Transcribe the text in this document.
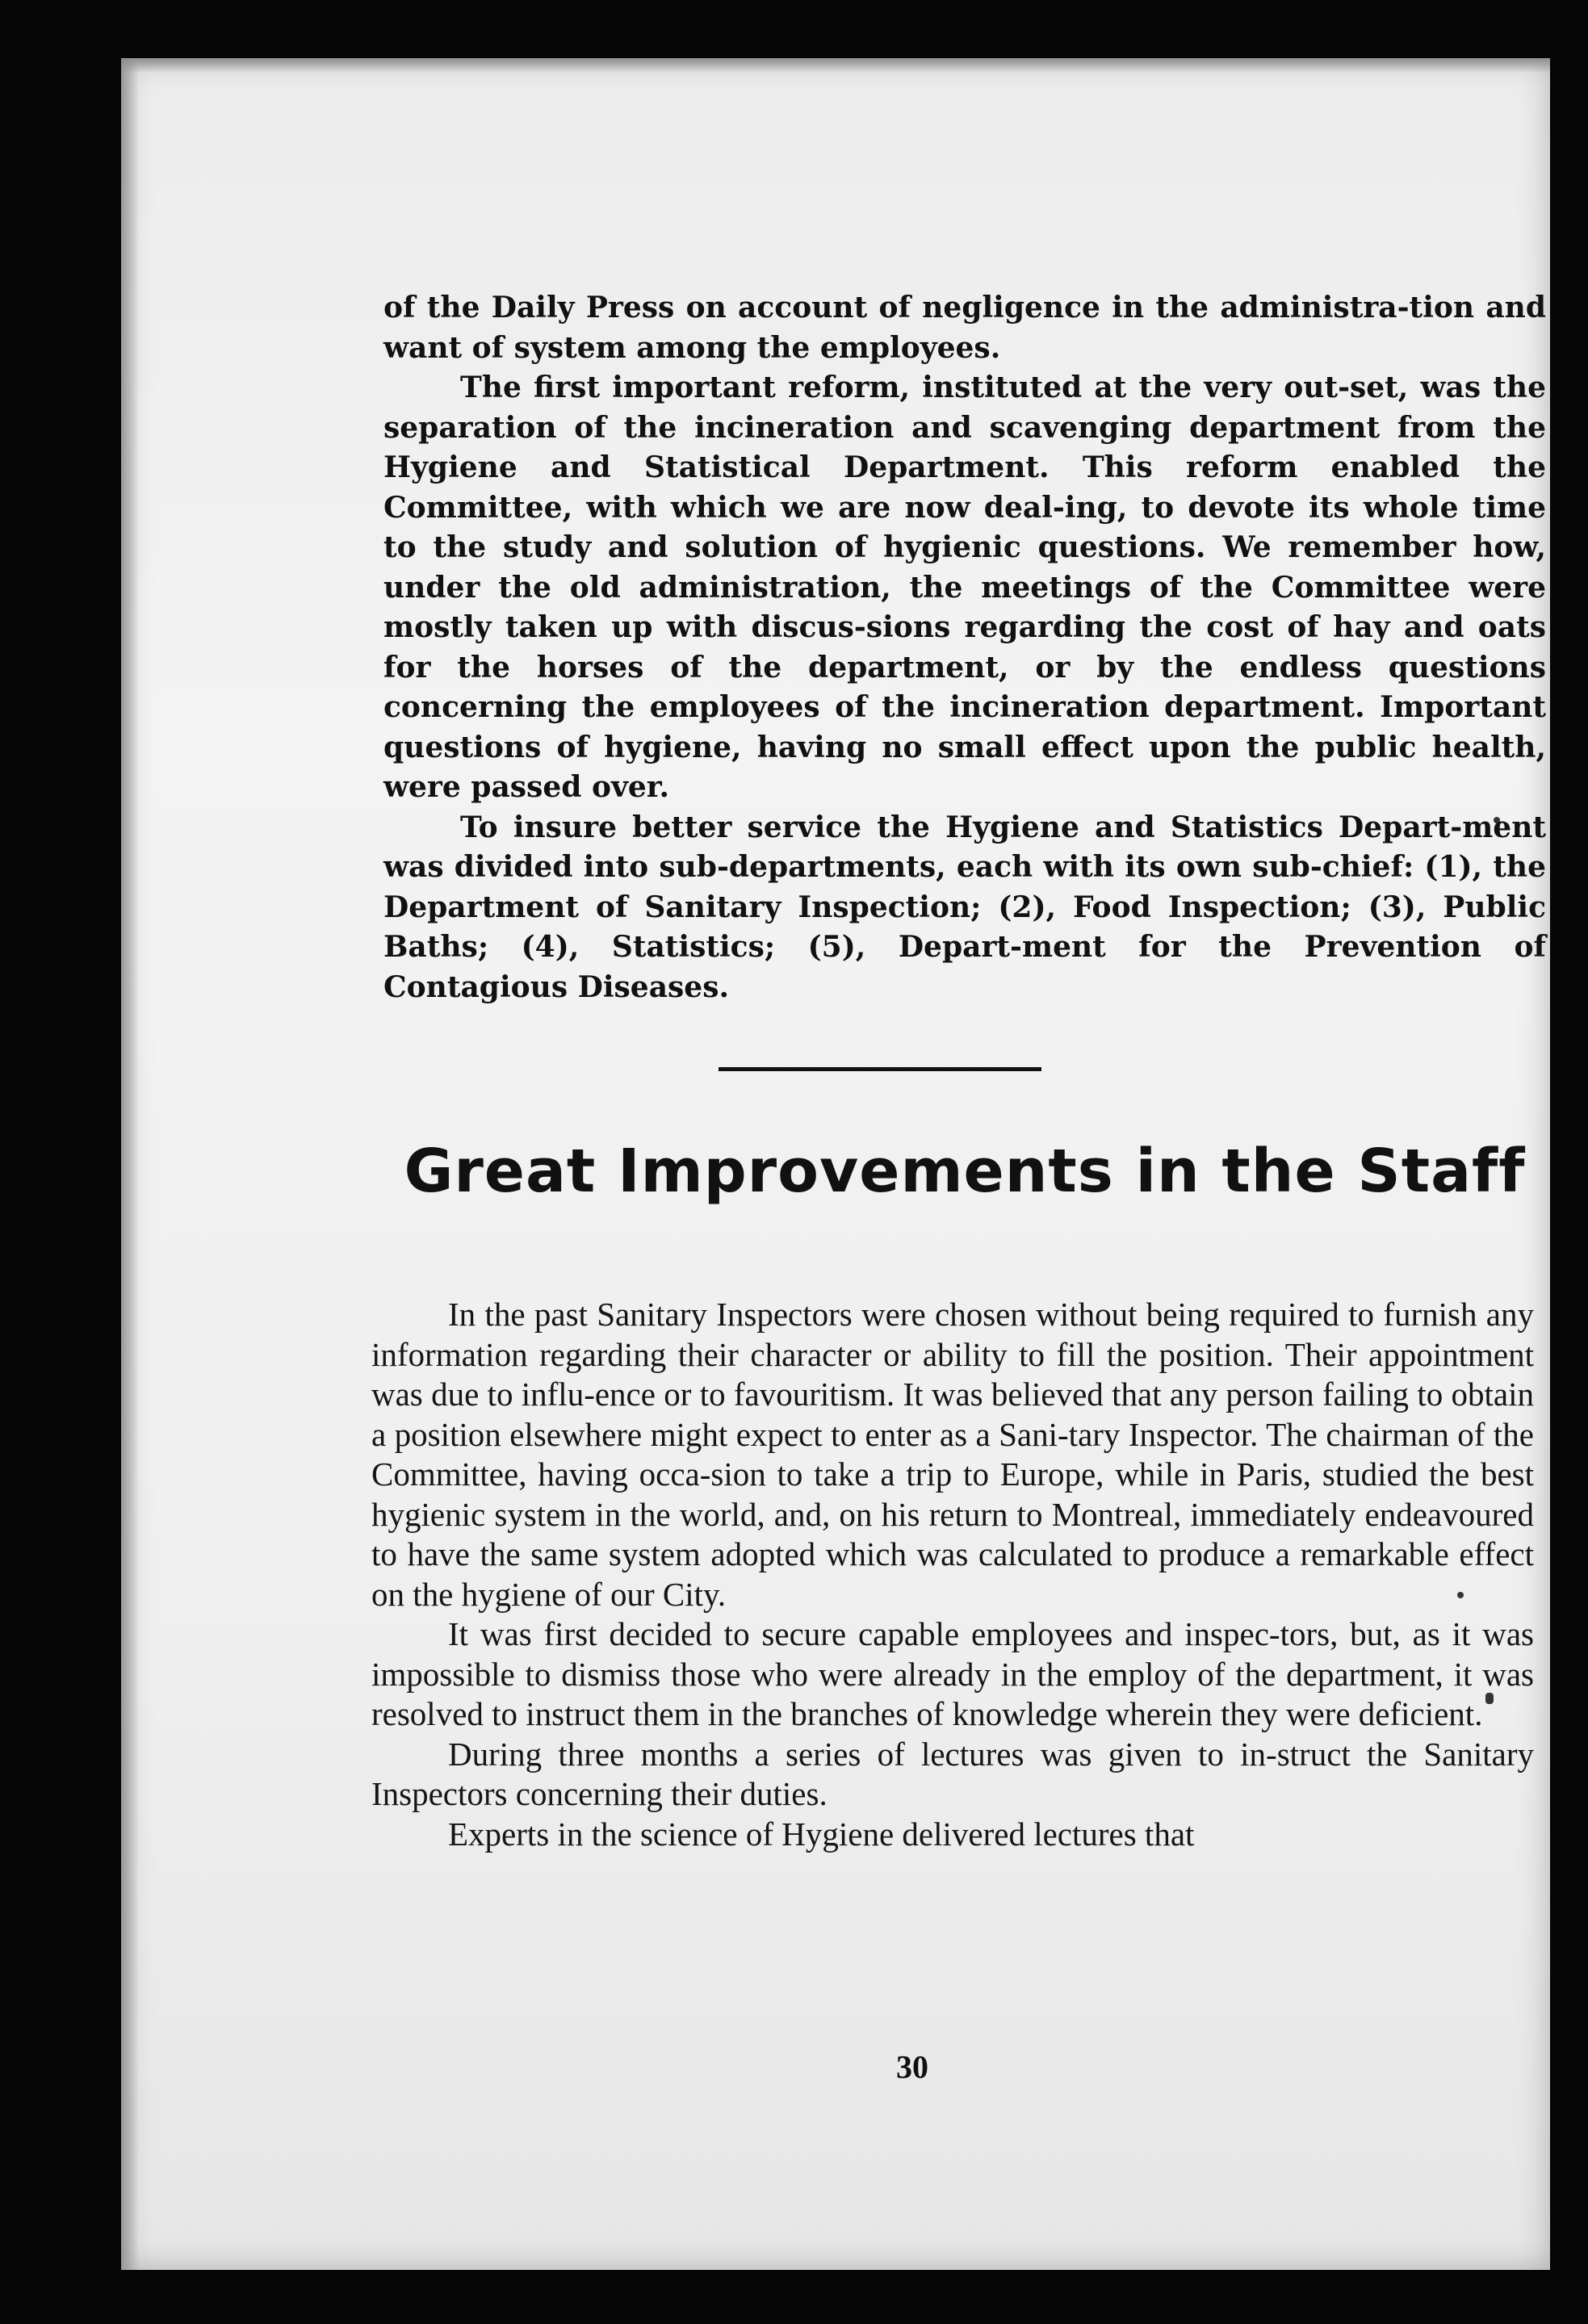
of the Daily Press on account of negligence in the administra-tion and want of system among the employees.

The first important reform, instituted at the very out-set, was the separation of the incineration and scavenging department from the Hygiene and Statistical Department. This reform enabled the Committee, with which we are now deal-ing, to devote its whole time to the study and solution of hygienic questions. We remember how, under the old administration, the meetings of the Committee were mostly taken up with discus-sions regarding the cost of hay and oats for the horses of the department, or by the endless questions concerning the employees of the incineration department. Important questions of hygiene, having no small effect upon the public health, were passed over.

To insure better service the Hygiene and Statistics Depart-ment was divided into sub-departments, each with its own sub-chief: (1), the Department of Sanitary Inspection; (2), Food Inspection; (3), Public Baths; (4), Statistics; (5), Depart-ment for the Prevention of Contagious Diseases.

Great Improvements in the Staff

In the past Sanitary Inspectors were chosen without being required to furnish any information regarding their character or ability to fill the position. Their appointment was due to influ-ence or to favouritism. It was believed that any person failing to obtain a position elsewhere might expect to enter as a Sani-tary Inspector. The chairman of the Committee, having occa-sion to take a trip to Europe, while in Paris, studied the best hygienic system in the world, and, on his return to Montreal, immediately endeavoured to have the same system adopted which was calculated to produce a remarkable effect on the hygiene of our City.

It was first decided to secure capable employees and inspec-tors, but, as it was impossible to dismiss those who were already in the employ of the department, it was resolved to instruct them in the branches of knowledge wherein they were deficient.

During three months a series of lectures was given to in-struct the Sanitary Inspectors concerning their duties.

Experts in the science of Hygiene delivered lectures that

30
